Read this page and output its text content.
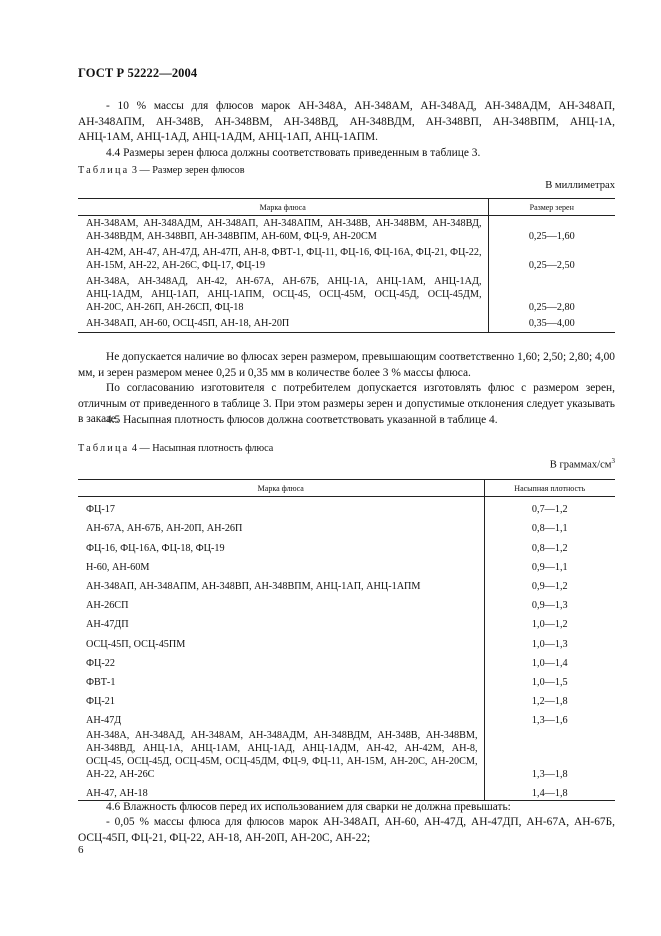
ГОСТ Р 52222—2004
- 10 % массы для флюсов марок АН-348А, АН-348АМ, АН-348АД, АН-348АДМ, АН-348АП, АН-348АПМ, АН-348В, АН-348ВМ, АН-348ВД, АН-348ВДМ, АН-348ВП, АН-348ВПМ, АНЦ-1А, АНЦ-1АМ, АНЦ-1АД, АНЦ-1АДМ, АНЦ-1АП, АНЦ-1АПМ.
4.4 Размеры зерен флюса должны соответствовать приведенным в таблице 3.
Таблица 3 — Размер зерен флюсов
В миллиметрах
Марка флюса	Размер зерен
АН-348АМ, АН-348АДМ, АН-348АП, АН-348АПМ, АН-348В, АН-348ВМ, АН-348ВД, АН-348ВДМ, АН-348ВП, АН-348ВПМ, АН-60М, ФЦ-9, АН-20СМ	0,25—1,60
АН-42М, АН-47, АН-47Д, АН-47П, АН-8, ФВТ-1, ФЦ-11, ФЦ-16, ФЦ-16А, ФЦ-21, ФЦ-22, АН-15М, АН-22, АН-26С, ФЦ-17, ФЦ-19	0,25—2,50
АН-348А, АН-348АД, АН-42, АН-67А, АН-67Б, АНЦ-1А, АНЦ-1АМ, АНЦ-1АД, АНЦ-1АДМ, АНЦ-1АП, АНЦ-1АПМ, ОСЦ-45, ОСЦ-45М, ОСЦ-45Д, ОСЦ-45ДМ, АН-20С, АН-26П, АН-26СП, ФЦ-18	0,25—2,80
АН-348АП, АН-60, ОСЦ-45П, АН-18, АН-20П	0,35—4,00
Не допускается наличие во флюсах зерен размером, превышающим соответственно 1,60; 2,50; 2,80; 4,00 мм, и зерен размером менее 0,25 и 0,35 мм в количестве более 3 % массы флюса.
По согласованию изготовителя с потребителем допускается изготовлять флюс с размером зерен, отличным от приведенного в таблице 3. При этом размеры зерен и допустимые отклонения следует указывать в заказе.
4.5 Насыпная плотность флюсов должна соответствовать указанной в таблице 4.
Таблица 4 — Насыпная плотность флюса
В граммах/$см^3$
Марка флюса	Насыпная плотность
ФЦ-17	0,7—1,2
АН-67А, АН-67Б, АН-20П, АН-26П	0,8—1,1
ФЦ-16, ФЦ-16А, ФЦ-18, ФЦ-19	0,8—1,2
Н-60, АН-60М	0,9—1,1
АН-348АП, АН-348АПМ, АН-348ВП, АН-348ВПМ, АНЦ-1АП, АНЦ-1АПМ	0,9—1,2
АН-26СП	0,9—1,3
АН-47ДП	1,0—1,2
ОСЦ-45П, ОСЦ-45ПМ	1,0—1,3
ФЦ-22	1,0—1,4
ФВТ-1	1,0—1,5
ФЦ-21	1,2—1,8
АН-47Д	1,3—1,6
АН-348А, АН-348АД, АН-348АМ, АН-348АДМ, АН-348ВДМ, АН-348В, АН-348ВМ, АН-348ВД, АНЦ-1А, АНЦ-1АМ, АНЦ-1АД, АНЦ-1АДМ, АН-42, АН-42М, АН-8, ОСЦ-45, ОСЦ-45Д, ОСЦ-45М, ОСЦ-45ДМ, ФЦ-9, ФЦ-11, АН-15М, АН-20С, АН-20СМ, АН-22, АН-26С	1,3—1,8
АН-47, АН-18	1,4—1,8
4.6 Влажность флюсов перед их использованием для сварки не должна превышать:
- 0,05 % массы флюса для флюсов марок АН-348АП, АН-60, АН-47Д, АН-47ДП, АН-67А, АН-67Б, ОСЦ-45П, ФЦ-21, ФЦ-22, АН-18, АН-20П, АН-20С, АН-22;
6
